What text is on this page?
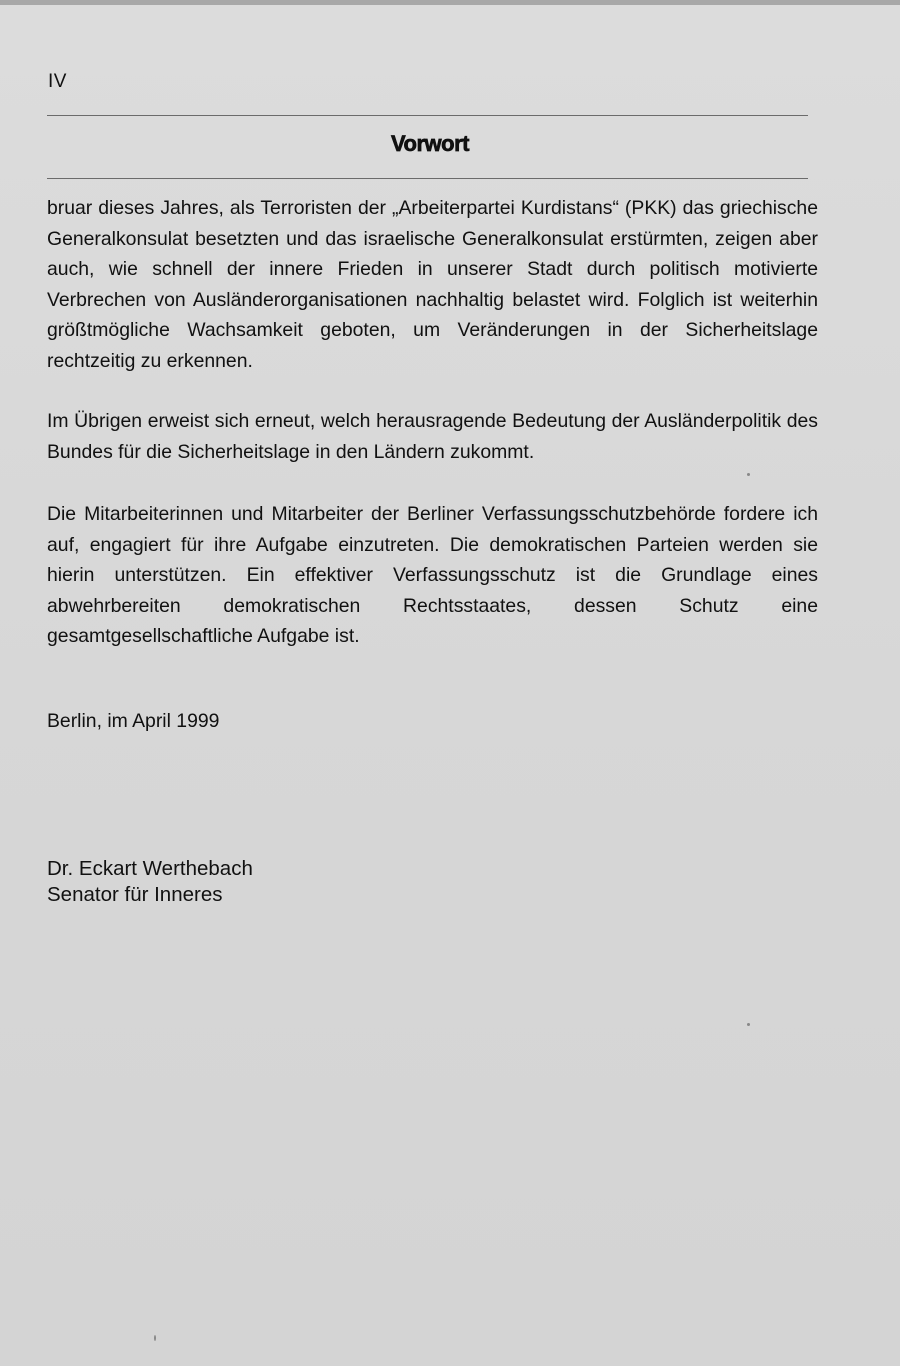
IV
Vorwort
bruar dieses Jahres, als Terroristen der „Arbeiterpartei Kurdistans“ (PKK) das griechische Generalkonsulat besetzten und das israelische Generalkonsulat erstürmten, zeigen aber auch, wie schnell der innere Frieden in unserer Stadt durch politisch motivierte Verbrechen von Ausländerorganisationen nachhaltig belastet wird. Folglich ist weiterhin größtmögliche Wachsamkeit geboten, um Veränderungen in der Sicherheitslage rechtzeitig zu erkennen.
Im Übrigen erweist sich erneut, welch herausragende Bedeutung der Ausländerpolitik des Bundes für die Sicherheitslage in den Ländern zukommt.
Die Mitarbeiterinnen und Mitarbeiter der Berliner Verfassungsschutzbehörde fordere ich auf, engagiert für ihre Aufgabe einzutreten. Die demokratischen Parteien werden sie hierin unterstützen. Ein effektiver Verfassungsschutz ist die Grundlage eines abwehrbereiten demokratischen Rechtsstaates, dessen Schutz eine gesamtgesellschaftliche Aufgabe ist.
Berlin, im April 1999
Dr. Eckart Werthebach
Senator für Inneres
